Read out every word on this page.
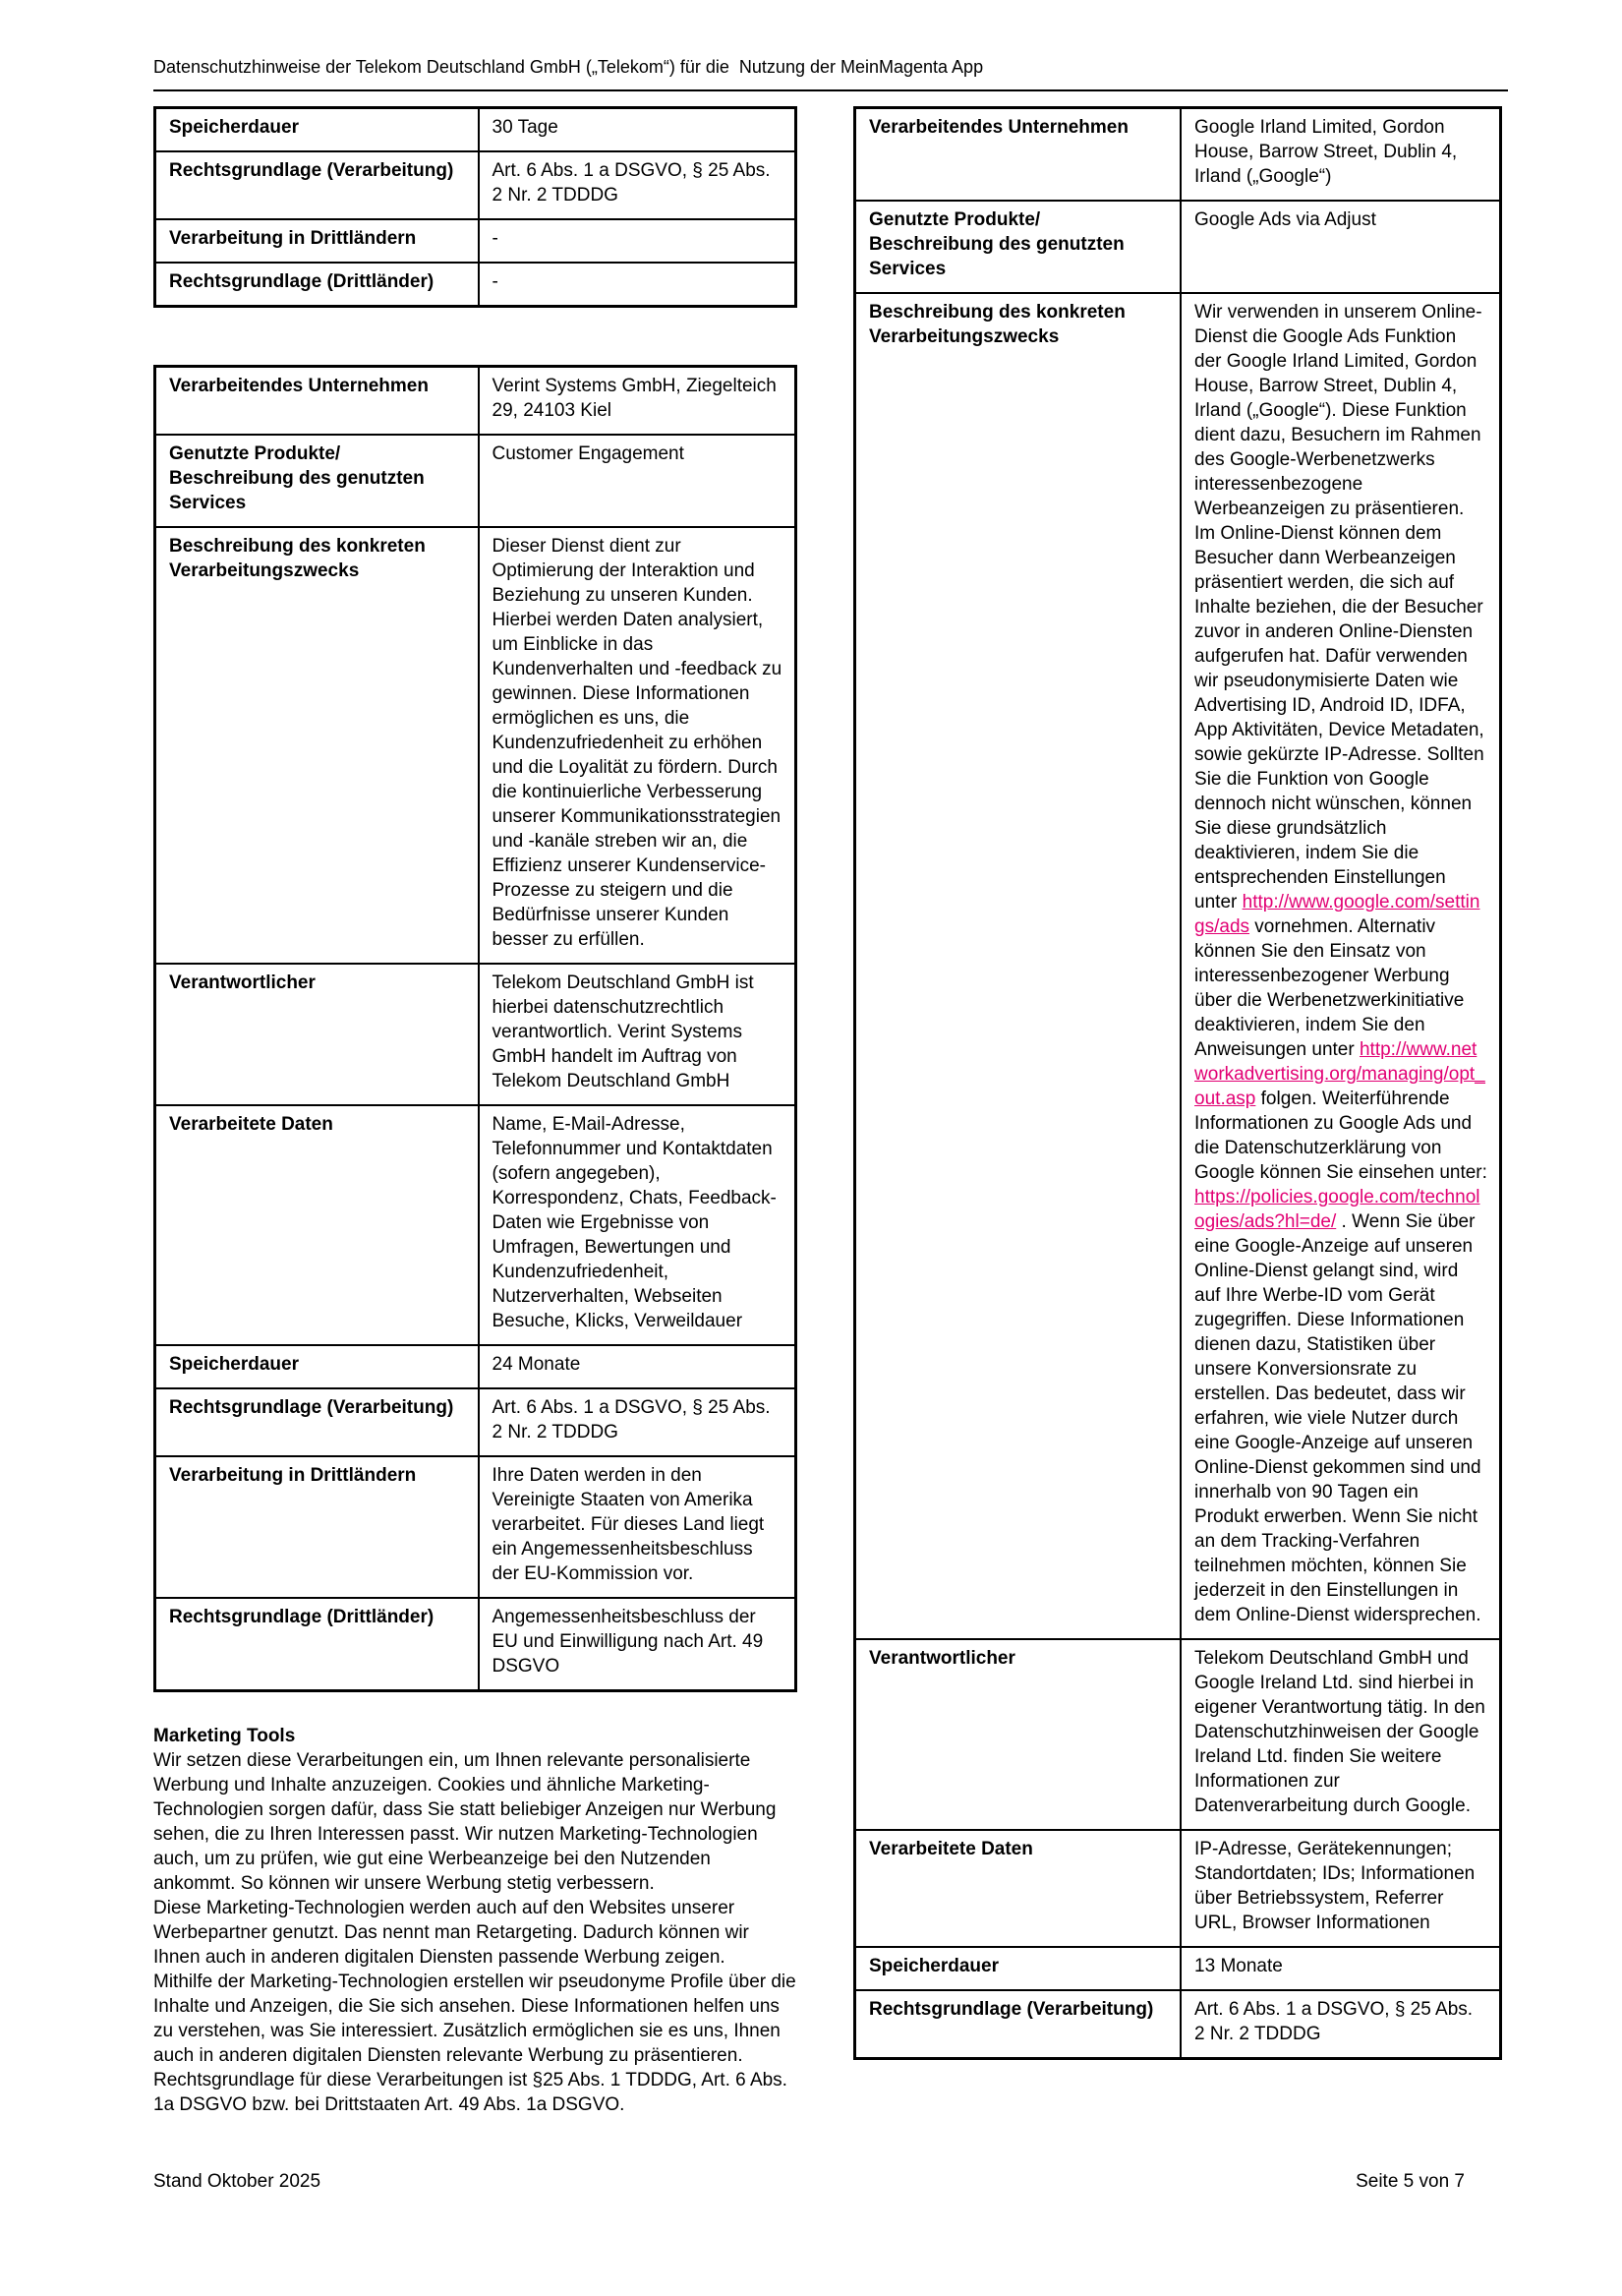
Datenschutzhinweise der Telekom Deutschland GmbH („Telekom“) für die  Nutzung der MeinMagenta App
Speicherdauer	30 Tage
Rechtsgrundlage (Verarbeitung)	Art. 6 Abs. 1 a DSGVO, § 25 Abs. 2 Nr. 2 TDDDG
Verarbeitung in Drittländern	-
Rechtsgrundlage (Drittländer)	-
Verarbeitendes Unternehmen	Verint Systems GmbH, Ziegelteich 29, 24103 Kiel
Genutzte Produkte/ Beschreibung des genutzten Services	Customer Engagement
Beschreibung des konkreten Verarbeitungszwecks	Dieser Dienst dient zur Optimierung der Interaktion und Beziehung zu unseren Kunden. Hierbei werden Daten analysiert, um Einblicke in das Kundenverhalten und -feedback zu gewinnen. Diese Informationen ermöglichen es uns, die Kundenzufriedenheit zu erhöhen und die Loyalität zu fördern. Durch die kontinuierliche Verbesserung unserer Kommunikationsstrategien und -kanäle streben wir an, die Effizienz unserer Kundenservice-Prozesse zu steigern und die Bedürfnisse unserer Kunden besser zu erfüllen.
Verantwortlicher	Telekom Deutschland GmbH ist hierbei datenschutzrechtlich verantwortlich. Verint Systems GmbH handelt im Auftrag von Telekom Deutschland GmbH
Verarbeitete Daten	Name, E-Mail-Adresse, Telefonnummer und Kontaktdaten (sofern angegeben), Korrespondenz, Chats, Feedback-Daten wie Ergebnisse von Umfragen, Bewertungen und Kundenzufriedenheit, Nutzerverhalten, Webseiten Besuche, Klicks, Verweildauer
Speicherdauer	24 Monate
Rechtsgrundlage (Verarbeitung)	Art. 6 Abs. 1 a DSGVO, § 25 Abs. 2 Nr. 2 TDDDG
Verarbeitung in Drittländern	Ihre Daten werden in den Vereinigte Staaten von Amerika verarbeitet. Für dieses Land liegt ein Angemessenheitsbeschluss der EU-Kommission vor.
Rechtsgrundlage (Drittländer)	Angemessenheitsbeschluss der EU und Einwilligung nach Art. 49 DSGVO
Marketing Tools
Wir setzen diese Verarbeitungen ein, um Ihnen relevante personalisierte Werbung und Inhalte anzuzeigen. Cookies und ähnliche Marketing-Technologien sorgen dafür, dass Sie statt beliebiger Anzeigen nur Werbung sehen, die zu Ihren Interessen passt. Wir nutzen Marketing-Technologien auch, um zu prüfen, wie gut eine Werbeanzeige bei den Nutzenden ankommt. So können wir unsere Werbung stetig verbessern.
Diese Marketing-Technologien werden auch auf den Websites unserer Werbepartner genutzt. Das nennt man Retargeting. Dadurch können wir Ihnen auch in anderen digitalen Diensten passende Werbung zeigen.
Mithilfe der Marketing-Technologien erstellen wir pseudonyme Profile über die Inhalte und Anzeigen, die Sie sich ansehen. Diese Informationen helfen uns zu verstehen, was Sie interessiert. Zusätzlich ermöglichen sie es uns, Ihnen auch in anderen digitalen Diensten relevante Werbung zu präsentieren.
Rechtsgrundlage für diese Verarbeitungen ist §25 Abs. 1 TDDDG, Art. 6 Abs. 1a DSGVO bzw. bei Drittstaaten Art. 49 Abs. 1a DSGVO.
Verarbeitendes Unternehmen	Google Irland Limited, Gordon House, Barrow Street, Dublin 4, Irland („Google“)
Genutzte Produkte/ Beschreibung des genutzten Services	Google Ads via Adjust
Beschreibung des konkreten Verarbeitungszwecks	Wir verwenden in unserem Online-Dienst die Google Ads Funktion der Google Irland Limited, Gordon House, Barrow Street, Dublin 4, Irland („Google“). Diese Funktion dient dazu, Besuchern im Rahmen des Google-Werbenetzwerks interessenbezogene Werbeanzeigen zu präsentieren. Im Online-Dienst können dem Besucher dann Werbeanzeigen präsentiert werden, die sich auf Inhalte beziehen, die der Besucher zuvor in anderen Online-Diensten aufgerufen hat. Dafür verwenden wir pseudonymisierte Daten wie Advertising ID, Android ID, IDFA, App Aktivitäten, Device Metadaten, sowie gekürzte IP-Adresse. Sollten Sie die Funktion von Google dennoch nicht wünschen, können Sie diese grundsätzlich deaktivieren, indem Sie die entsprechenden Einstellungen unter http://www.google.com/settings/ads vornehmen. Alternativ können Sie den Einsatz von interessenbezogener Werbung über die Werbenetzwerkinitiative deaktivieren, indem Sie den Anweisungen unter http://www.networkadvertising.org/managing/opt_out.asp folgen. Weiterführende Informationen zu Google Ads und die Datenschutzerklärung von Google können Sie einsehen unter: https://policies.google.com/technologies/ads?hl=de/ . Wenn Sie über eine Google-Anzeige auf unseren Online-Dienst gelangt sind, wird auf Ihre Werbe-ID vom Gerät zugegriffen. Diese Informationen dienen dazu, Statistiken über unsere Konversionsrate zu erstellen. Das bedeutet, dass wir erfahren, wie viele Nutzer durch eine Google-Anzeige auf unseren Online-Dienst gekommen sind und innerhalb von 90 Tagen ein Produkt erwerben. Wenn Sie nicht an dem Tracking-Verfahren teilnehmen möchten, können Sie jederzeit in den Einstellungen in dem Online-Dienst widersprechen.
Verantwortlicher	Telekom Deutschland GmbH und Google Ireland Ltd. sind hierbei in eigener Verantwortung tätig. In den Datenschutzhinweisen der Google Ireland Ltd. finden Sie weitere Informationen zur Datenverarbeitung durch Google.
Verarbeitete Daten	IP-Adresse, Gerätekennungen; Standortdaten; IDs; Informationen über Betriebssystem, Referrer URL, Browser Informationen
Speicherdauer	13 Monate
Rechtsgrundlage (Verarbeitung)	Art. 6 Abs. 1 a DSGVO, § 25 Abs. 2 Nr. 2 TDDDG
Stand Oktober 2025	Seite 5 von 7
